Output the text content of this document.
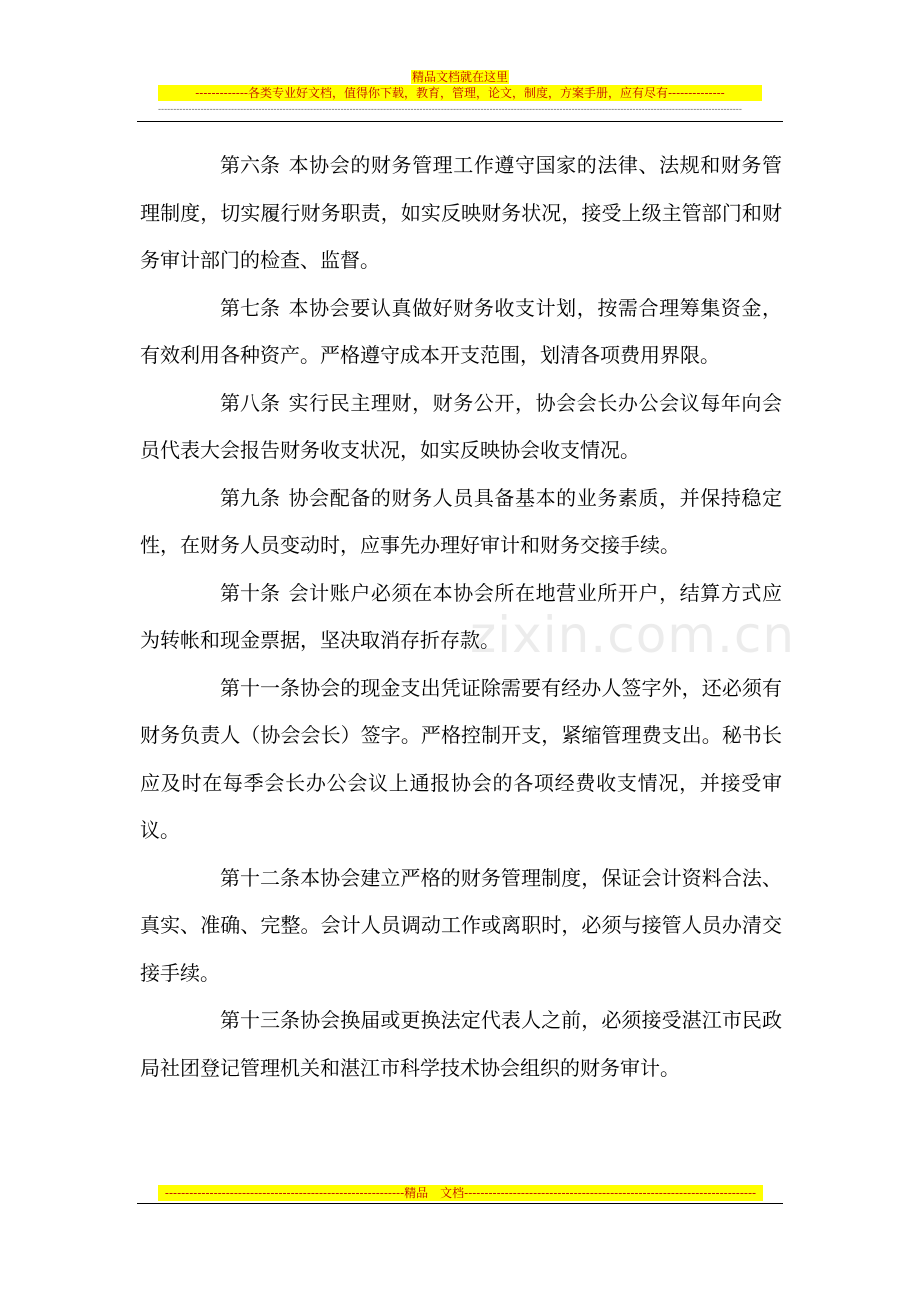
精品文档就在这里
-------------各类专业好文档，值得你下载，教育，管理，论文，制度，方案手册，应有尽有--------------
------------------------------------------------------------------------------------------------------------------------------------------------------------------------------------------------

第六条 本协会的财务管理工作遵守国家的法律、法规和财务管理制度，切实履行财务职责，如实反映财务状况，接受上级主管部门和财务审计部门的检查、监督。

第七条 本协会要认真做好财务收支计划，按需合理筹集资金，有效利用各种资产。严格遵守成本开支范围，划清各项费用界限。

第八条 实行民主理财，财务公开，协会会长办公会议每年向会员代表大会报告财务收支状况，如实反映协会收支情况。

第九条 协会配备的财务人员具备基本的业务素质，并保持稳定性，在财务人员变动时，应事先办理好审计和财务交接手续。

第十条 会计账户必须在本协会所在地营业所开户，结算方式应为转帐和现金票据，坚决取消存折存款。

第十一条协会的现金支出凭证除需要有经办人签字外，还必须有财务负责人（协会会长）签字。严格控制开支，紧缩管理费支出。秘书长应及时在每季会长办公会议上通报协会的各项经费收支情况，并接受审议。

第十二条本协会建立严格的财务管理制度，保证会计资料合法、真实、准确、完整。会计人员调动工作或离职时，必须与接管人员办清交接手续。

第十三条协会换届或更换法定代表人之前，必须接受湛江市民政局社团登记管理机关和湛江市科学技术协会组织的财务审计。

zixin.com.cn
-----------------------------------------------------------精品　文档------------------------------------------------------------------------
